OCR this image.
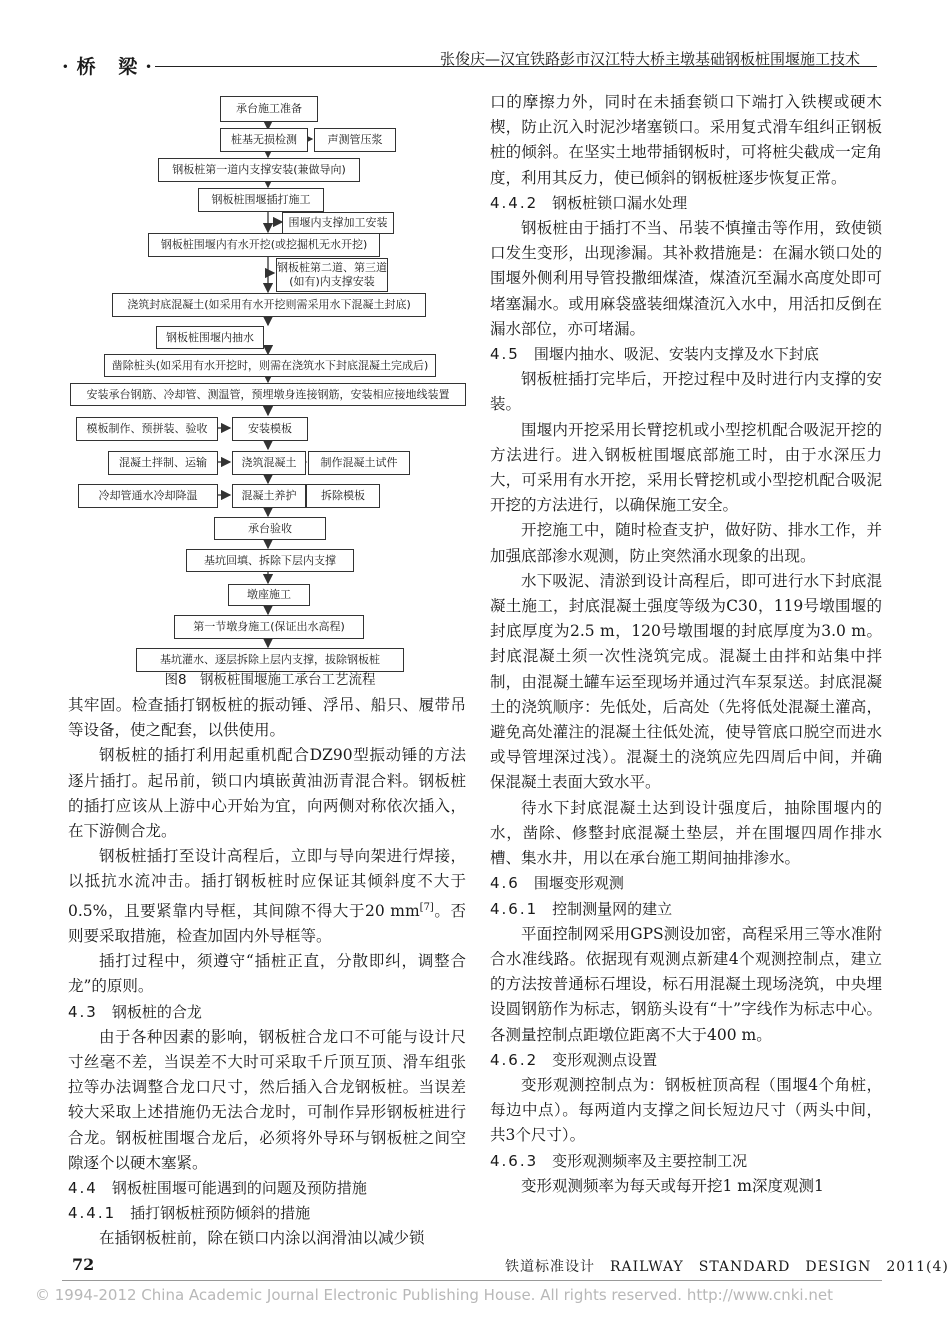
·桥 梁·	张俊庆—汉宜铁路彭市汉江特大桥主墩基础钢板桩围堰施工技术
承台施工准备
桩基无损检测	声测管压浆
钢板桩第一道内支撑安装(兼做导向)
钢板桩围堰插打施工
围堰内支撑加工安装
钢板桩围堰内有水开挖(或挖掘机无水开挖)
钢板桩第二道、第三道(如有)内支撑安装
浇筑封底混凝土(如采用有水开挖则需采用水下混凝土封底)
钢板桩围堰内抽水
凿除桩头(如采用有水开挖时，则需在浇筑水下封底混凝土完成后)
安装承台钢筋、冷却管、测温管，预埋墩身连接钢筋，安装相应接地线装置
模板制作、预拼装、验收	安装模板
混凝土拌制、运输	浇筑混凝土	制作混凝土试件
冷却管通水冷却降温	混凝土养护	拆除模板
承台验收
基坑回填、拆除下层内支撑
墩座施工
第一节墩身施工(保证出水高程)
基坑灌水、逐层拆除上层内支撑，拔除钢板桩
图8　钢板桩围堰施工承台工艺流程

其牢固。检查插打钢板桩的振动锤、浮吊、船只、履带吊等设备，使之配套，以供使用。

钢板桩的插打利用起重机配合DZ90型振动锤的方法逐片插打。起吊前，锁口内填嵌黄油沥青混合料。钢板桩的插打应该从上游中心开始为宜，向两侧对称依次插入，在下游侧合龙。

钢板桩插打至设计高程后，立即与导向架进行焊接，以抵抗水流冲击。插打钢板桩时应保证其倾斜度不大于0.5%，且要紧靠内导框，其间隙不得大于20 mm[7]。否则要采取措施，检查加固内外导框等。

插打过程中，须遵守“插桩正直，分散即纠，调整合龙”的原则。

4.3 钢板桩的合龙

由于各种因素的影响，钢板桩合龙口不可能与设计尺寸丝毫不差，当误差不大时可采取千斤顶互顶、滑车组张拉等办法调整合龙口尺寸，然后插入合龙钢板桩。当误差较大采取上述措施仍无法合龙时，可制作异形钢板桩进行合龙。钢板桩围堰合龙后，必须将外导环与钢板桩之间空隙逐个以硬木塞紧。

4.4 钢板桩围堰可能遇到的问题及预防措施
4.4.1 插打钢板桩预防倾斜的措施

在插钢板桩前，除在锁口内涂以润滑油以减少锁

口的摩擦力外，同时在未插套锁口下端打入铁楔或硬木楔，防止沉入时泥沙堵塞锁口。采用复式滑车组纠正钢板桩的倾斜。在坚实土地带插钢板时，可将桩尖截成一定角度，利用其反力，使已倾斜的钢板桩逐步恢复正常。

4.4.2 钢板桩锁口漏水处理

钢板桩由于插打不当、吊装不慎撞击等作用，致使锁口发生变形，出现渗漏。其补救措施是：在漏水锁口处的围堰外侧利用导管投撒细煤渣，煤渣沉至漏水高度处即可堵塞漏水。或用麻袋盛装细煤渣沉入水中，用活扣反倒在漏水部位，亦可堵漏。

4.5 围堰内抽水、吸泥、安装内支撑及水下封底

钢板桩插打完毕后，开挖过程中及时进行内支撑的安装。

围堰内开挖采用长臂挖机或小型挖机配合吸泥开挖的方法进行。进入钢板桩围堰底部施工时，由于水深压力大，可采用有水开挖，采用长臂挖机或小型挖机配合吸泥开挖的方法进行，以确保施工安全。

开挖施工中，随时检查支护，做好防、排水工作，并加强底部渗水观测，防止突然涌水现象的出现。

水下吸泥、清淤到设计高程后，即可进行水下封底混凝土施工，封底混凝土强度等级为C30，119号墩围堰的封底厚度为2.5 m，120号墩围堰的封底厚度为3.0 m。封底混凝土须一次性浇筑完成。混凝土由拌和站集中拌制，由混凝土罐车运至现场并通过汽车泵泵送。封底混凝土的浇筑顺序：先低处，后高处（先将低处混凝土灌高，避免高处灌注的混凝土往低处流，使导管底口脱空而进水或导管埋深过浅）。混凝土的浇筑应先四周后中间，并确保混凝土表面大致水平。

待水下封底混凝土达到设计强度后，抽除围堰内的水，凿除、修整封底混凝土垫层，并在围堰四周作排水槽、集水井，用以在承台施工期间抽排渗水。

4.6 围堰变形观测
4.6.1 控制测量网的建立

平面控制网采用GPS测设加密，高程采用三等水准附合水准线路。依据现有观测点新建4个观测控制点，建立的方法按普通标石埋设，标石用混凝土现场浇筑，中央埋设圆钢筋作为标志，钢筋头设有“十”字线作为标志中心。各测量控制点距墩位距离不大于400 m。

4.6.2 变形观测点设置

变形观测控制点为：钢板桩顶高程（围堰4个角桩，每边中点）。每两道内支撑之间长短边尺寸（两头中间，共3个尺寸）。

4.6.3 变形观测频率及主要控制工况

变形观测频率为每天或每开挖1 m深度观测1

72	铁道标准设计　RAILWAY　STANDARD　DESIGN　2011(4)
© 1994-2012 China Academic Journal Electronic Publishing House. All rights reserved. http://www.cnki.net
